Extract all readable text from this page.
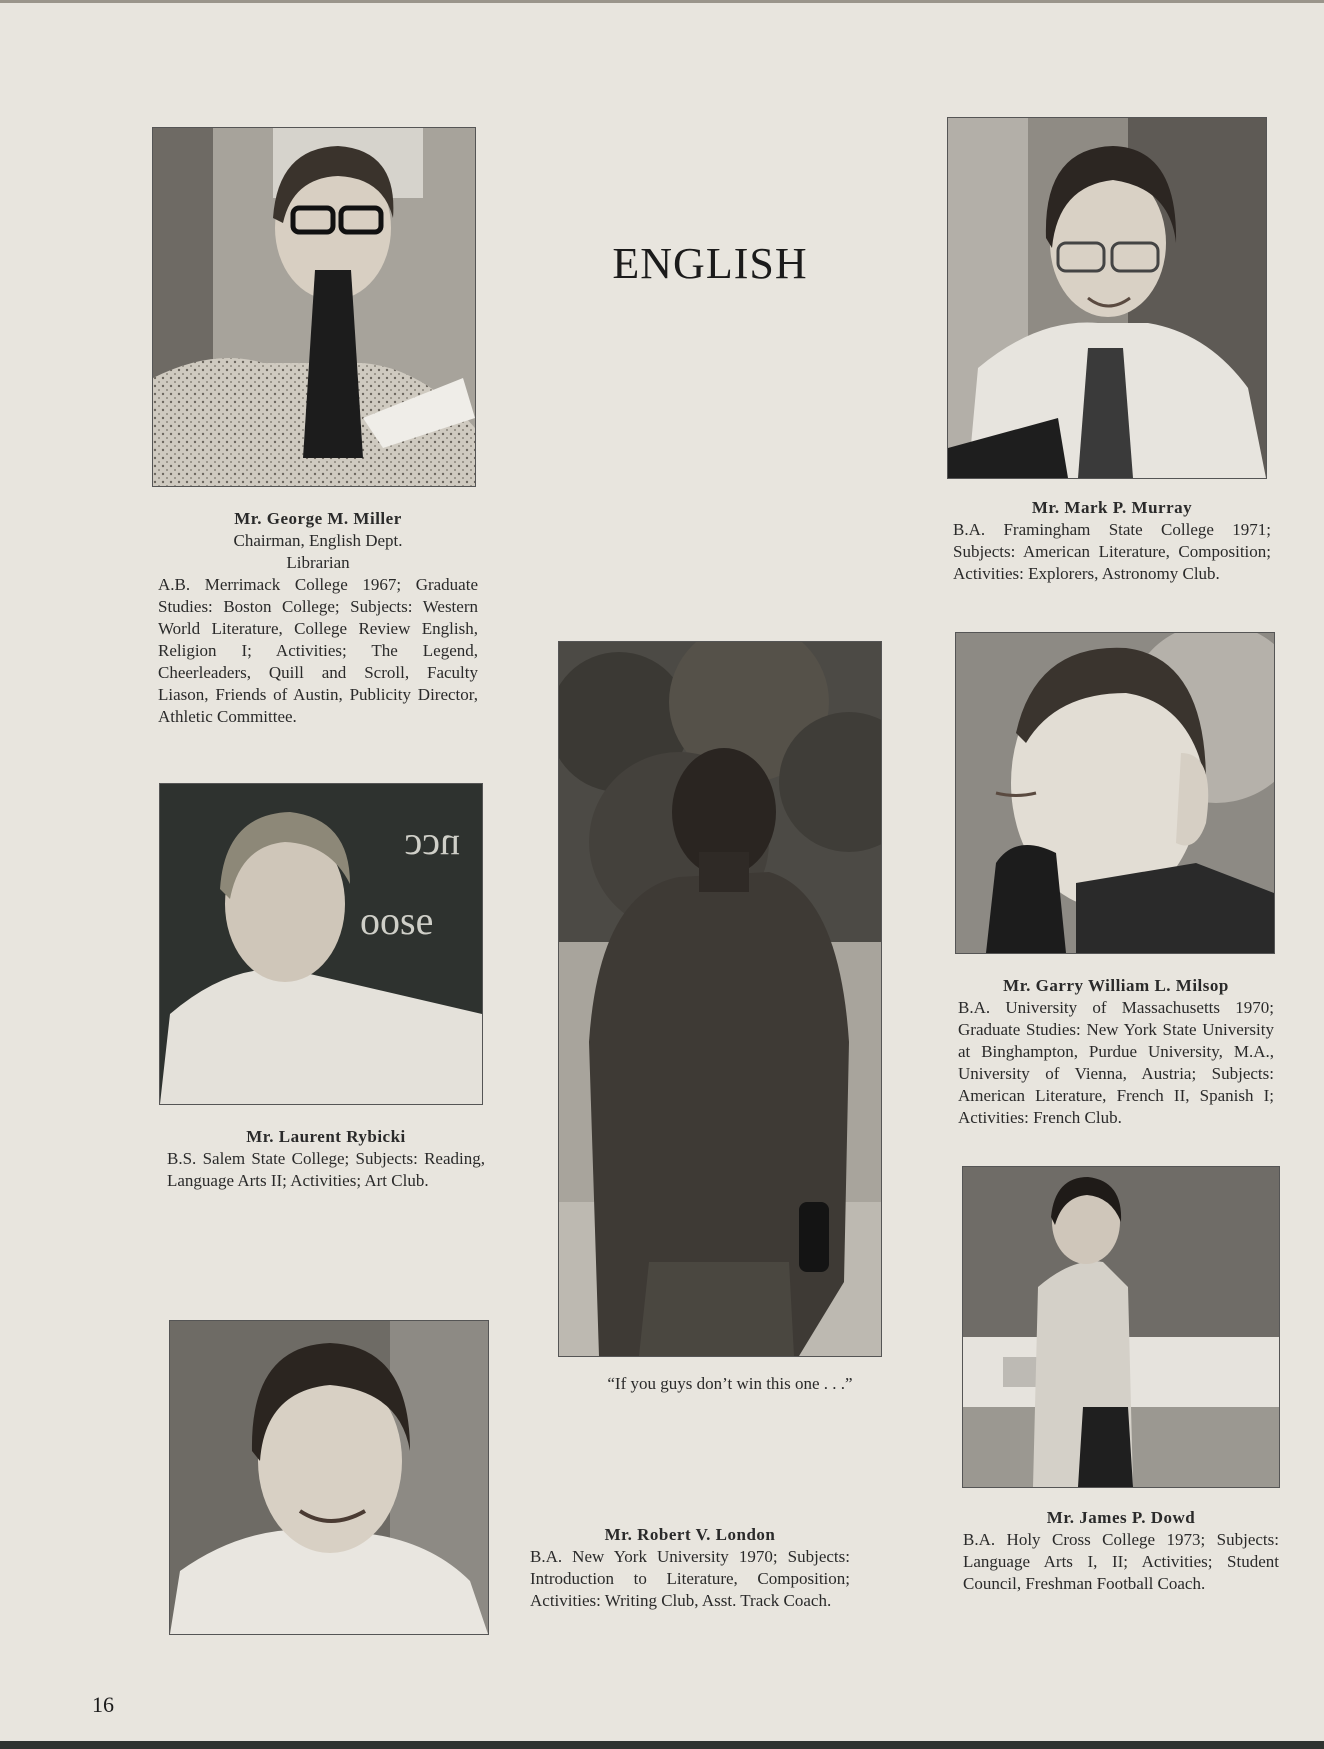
ENGLISH
Mr. George M. Miller
Chairman, English Dept.
Librarian
A.B. Merrimack College 1967; Graduate Studies: Boston College; Subjects: Western World Literature, College Review English, Religion I; Activities; The Legend, Cheerleaders, Quill and Scroll, Faculty Liason, Friends of Austin, Publicity Director, Athletic Committee.
Mr. Mark P. Murray
B.A. Framingham State College 1971; Subjects: American Literature, Composition; Activities: Explorers, Astronomy Club.
ncc
oose
Mr. Garry William L. Milsop
B.A. University of Massachusetts 1970; Graduate Studies: New York State University at Binghampton, Purdue University, M.A., University of Vienna, Austria; Subjects: American Literature, French II, Spanish I; Activities: French Club.
Mr. Laurent Rybicki
B.S. Salem State College; Subjects: Reading, Language Arts II; Activities; Art Club.
“If you guys don’t win this one . . .”
Mr. Robert V. London
B.A. New York University 1970; Subjects: Introduction to Literature, Composition; Activities: Writing Club, Asst. Track Coach.
Mr. James P. Dowd
B.A. Holy Cross College 1973; Subjects: Language Arts I, II; Activities; Student Council, Freshman Football Coach.
16
